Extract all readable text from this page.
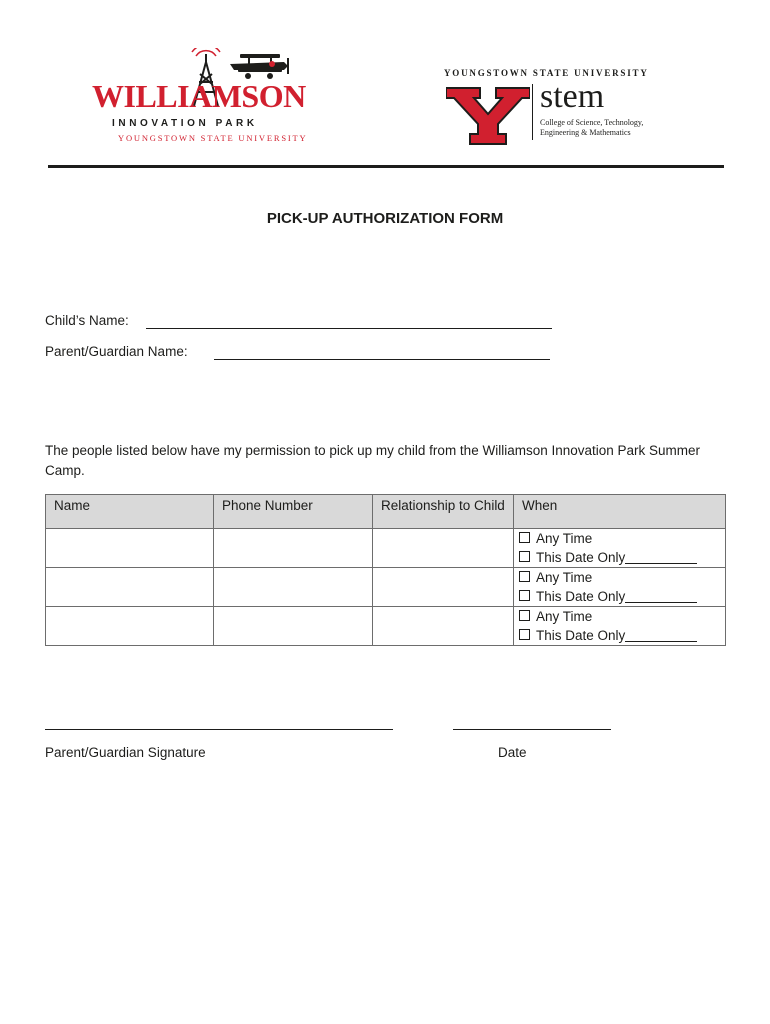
WILLIAMSON
INNOVATION PARK
YOUNGSTOWN STATE UNIVERSITY
YOUNGSTOWN STATE UNIVERSITY
stem
College of Science, Technology,
Engineering & Mathematics
PICK-UP AUTHORIZATION FORM
Child’s Name:
Parent/Guardian Name:
The people listed below have my permission to pick up my child from the Williamson Innovation Park Summer Camp.
Name	Phone Number	Relationship to Child	When

			Any Time
This Date Only

			Any Time
This Date Only

			Any Time
This Date Only
Parent/Guardian Signature	Date
